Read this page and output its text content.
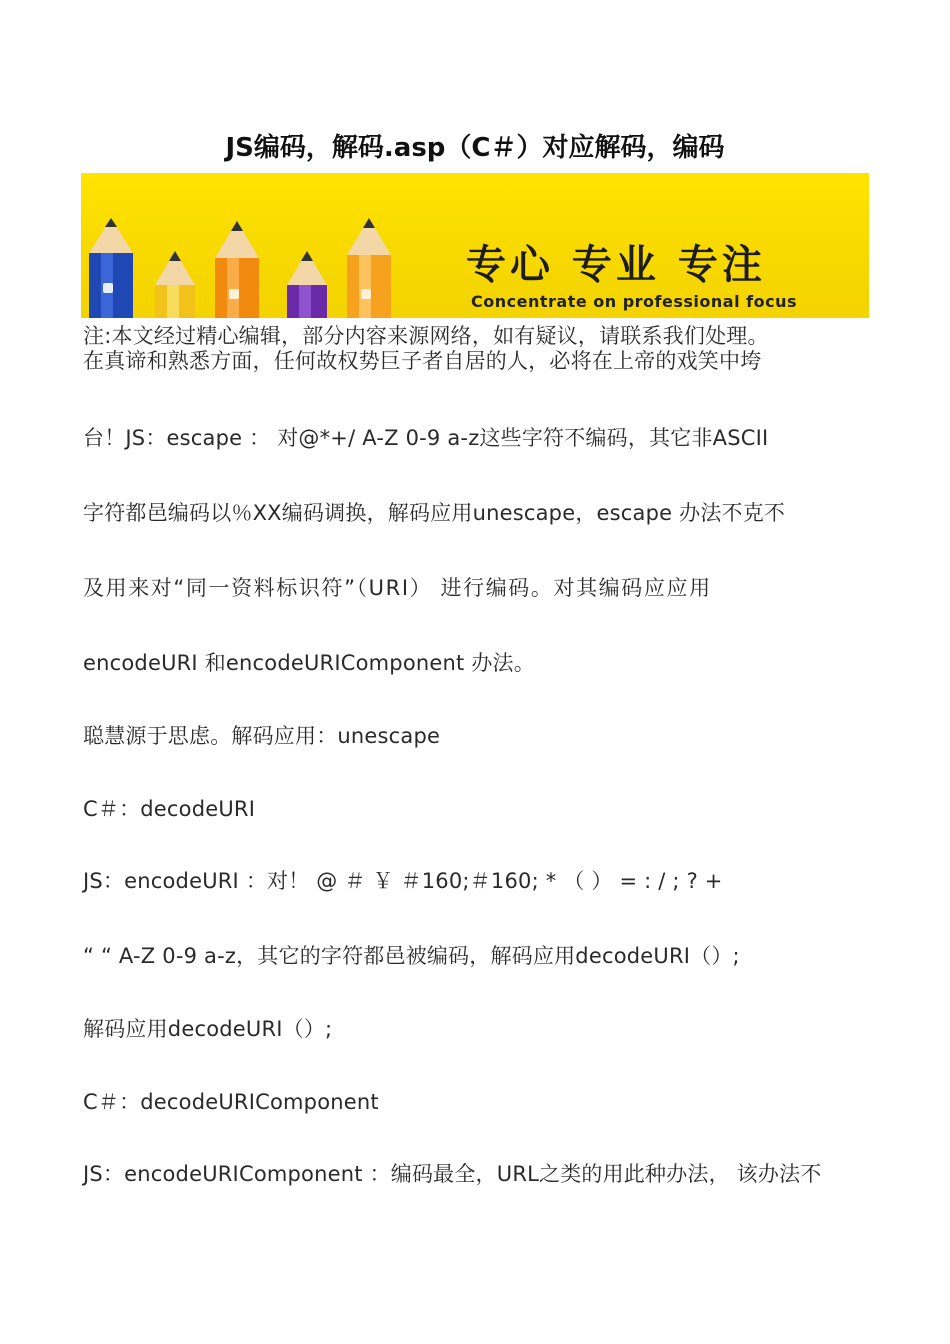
JS编码，解码.asp（C＃）对应解码，编码
专心 专业 专注
Concentrate on professional focus
注:本文经过精心编辑，部分内容来源网络，如有疑议，请联系我们处理。
在真谛和熟悉方面，任何故权势巨子者自居的人，必将在上帝的戏笑中垮
台！JS：escape ： 对@*+/ A-Z 0-9 a-z这些字符不编码，其它非ASCII
字符都邑编码以％XX编码调换，解码应用unescape，escape 办法不克不
及用来对“同一资料标识符”（URI） 进行编码。对其编码应应用
encodeURI 和encodeURIComponent 办法。
聪慧源于思虑。解码应用：unescape
C＃：decodeURI
JS：encodeURI ：对！ @ ＃ ￥ ＃160;＃160; * （ ） = : / ; ? +
“ “ A-Z 0-9 a-z，其它的字符都邑被编码，解码应用decodeURI（）;
解码应用decodeURI（）;
C＃：decodeURIComponent
JS：encodeURIComponent ：编码最全，URL之类的用此种办法， 该办法不
